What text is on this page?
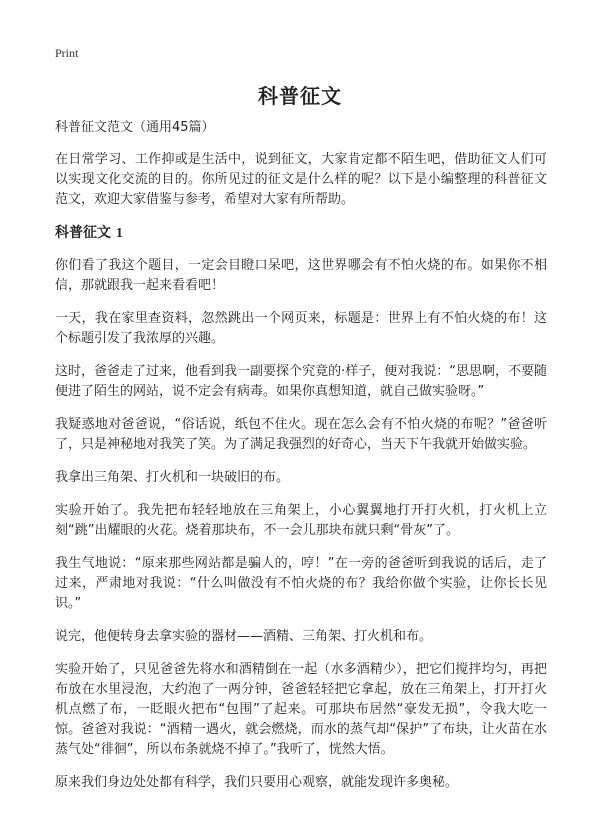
Print
科普征文

科普征文范文（通用45篇）

在日常学习、工作抑或是生活中，说到征文，大家肯定都不陌生吧，借助征文人们可以实现文化交流的目的。你所见过的征文是什么样的呢？以下是小编整理的科普征文范文，欢迎大家借鉴与参考，希望对大家有所帮助。

科普征文 1

你们看了我这个题目，一定会目瞪口呆吧，这世界哪会有不怕火烧的布。如果你不相信，那就跟我一起来看看吧！

一天，我在家里查资料，忽然跳出一个网页来，标题是：世界上有不怕火烧的布！这个标题引发了我浓厚的兴趣。

这时，爸爸走了过来，他看到我一副要探个究竟的·样子，便对我说：“思思啊，不要随便进了陌生的网站，说不定会有病毒。如果你真想知道，就自己做实验呀。”

我疑惑地对爸爸说，“俗话说，纸包不住火。现在怎么会有不怕火烧的布呢？”爸爸听了，只是神秘地对我笑了笑。为了满足我强烈的好奇心，当天下午我就开始做实验。

我拿出三角架、打火机和一块破旧的布。

实验开始了。我先把布轻轻地放在三角架上，小心翼翼地打开打火机，打火机上立刻“跳”出耀眼的火花。烧着那块布，不一会儿那块布就只剩“骨灰”了。

我生气地说：“原来那些网站都是骗人的，哼！”在一旁的爸爸听到我说的话后，走了过来，严肃地对我说：“什么叫做没有不怕火烧的布？我给你做个实验，让你长长见识。”

说完，他便转身去拿实验的器材——酒精、三角架、打火机和布。

实验开始了，只见爸爸先将水和酒精倒在一起（水多酒精少），把它们搅拌均匀，再把布放在水里浸泡，大约泡了一两分钟，爸爸轻轻把它拿起，放在三角架上，打开打火机点燃了布，一眨眼火把布“包围”了起来。可那块布居然“豪发无损”，令我大吃一惊。爸爸对我说：“酒精一遇火，就会燃烧，而水的蒸气却“保护”了布块，让火苗在水蒸气处“徘徊”，所以布条就烧不掉了。”我听了，恍然大悟。

原来我们身边处处都有科学，我们只要用心观察，就能发现许多奥秘。
